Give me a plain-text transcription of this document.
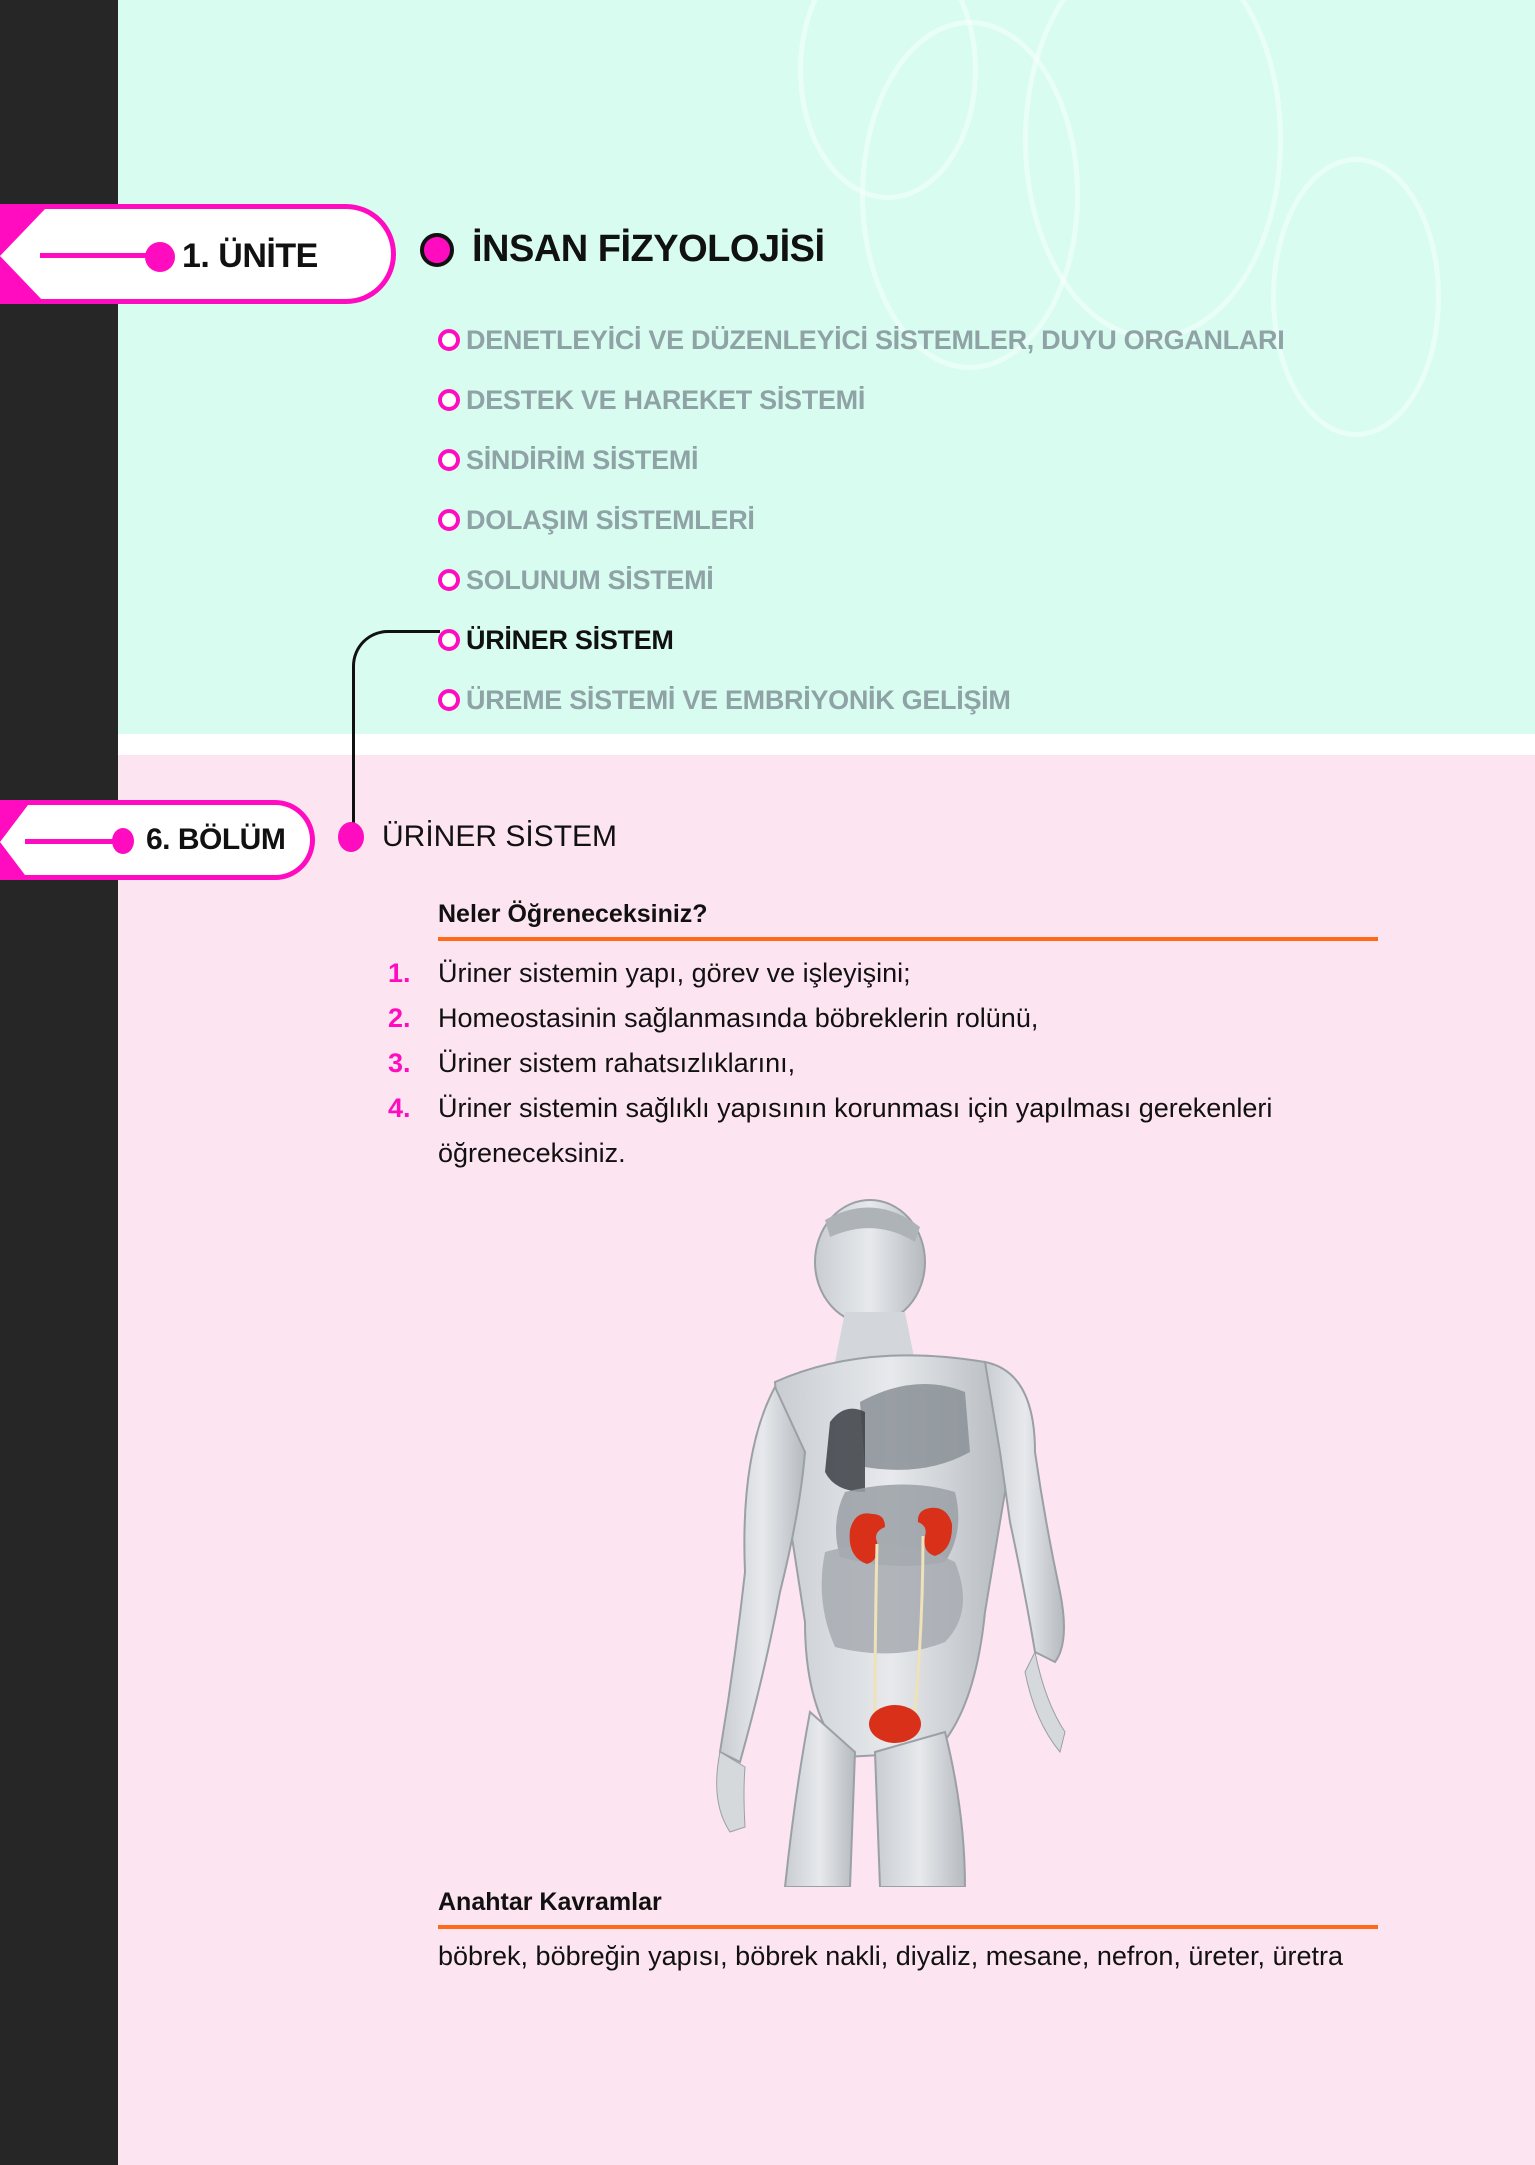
1. ÜNİTE	İNSAN FİZYOLOJİSİ
DENETLEYİCİ VE DÜZENLEYİCİ SİSTEMLER, DUYU ORGANLARI
DESTEK VE HAREKET SİSTEMİ
SİNDİRİM SİSTEMİ
DOLAŞIM SİSTEMLERİ
SOLUNUM SİSTEMİ
ÜRİNER SİSTEM
ÜREME SİSTEMİ VE EMBRİYONİK GELİŞİM
6. BÖLÜM	ÜRİNER SİSTEM
Neler Öğreneceksiniz?
1. Üriner sistemin yapı, görev ve işleyişini;
2. Homeostasinin sağlanmasında böbreklerin rolünü,
3. Üriner sistem rahatsızlıklarını,
4. Üriner sistemin sağlıklı yapısının korunması için yapılması gerekenleri öğreneceksiniz.
Anahtar Kavramlar

böbrek, böbreğin yapısı, böbrek nakli, diyaliz, mesane, nefron, üreter, üretra
